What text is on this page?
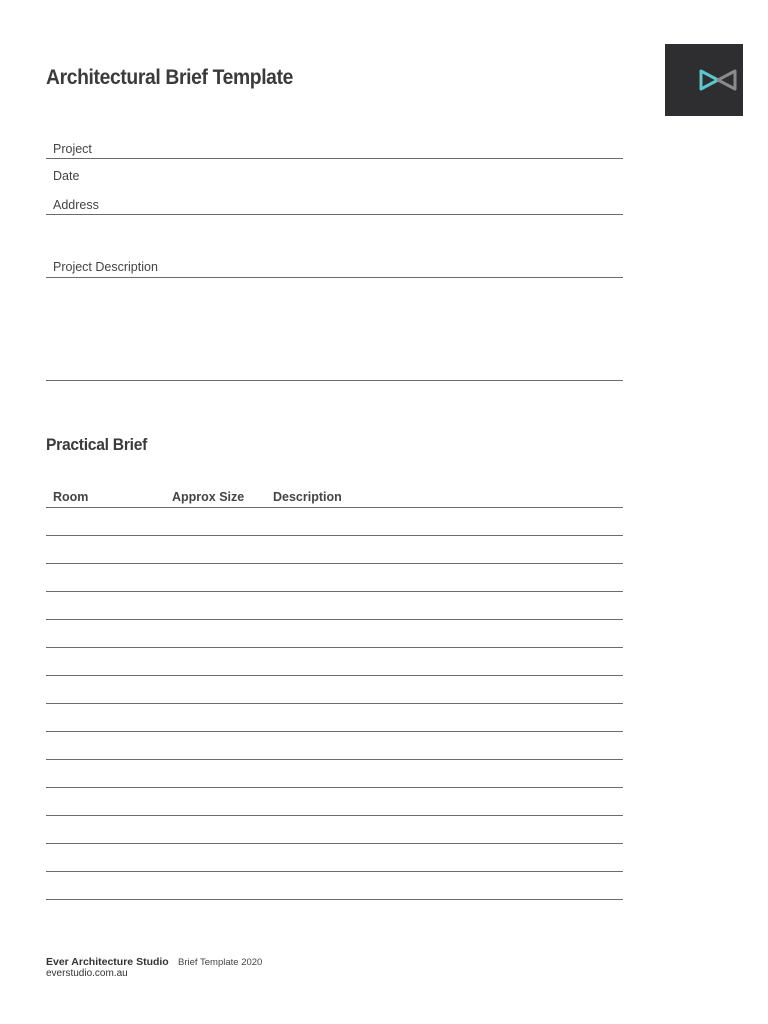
Architectural Brief Template
Project
Date
Address
Project Description
Practical Brief
Room	Approx Size Description
Ever Architecture Studio Brief Template 2020
everstudio.com.au
